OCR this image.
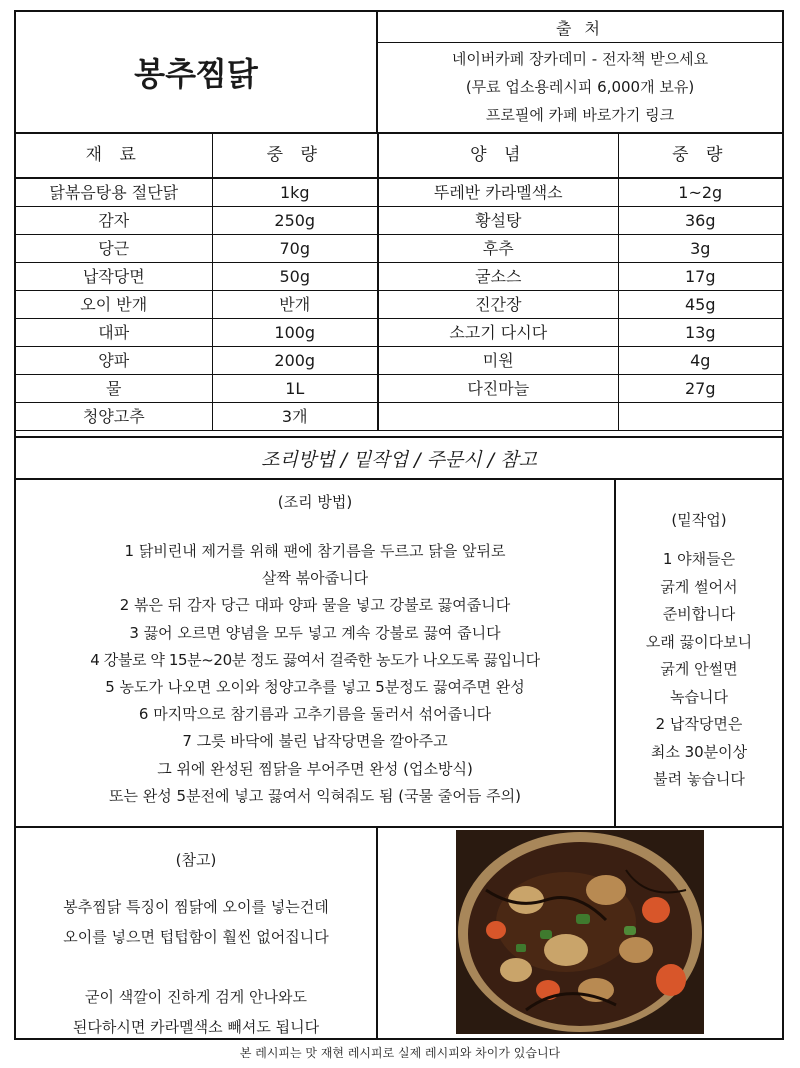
봉추찜닭
출 처
네이버카페 장카데미 - 전자책 받으세요
(무료 업소용레시피 6,000개 보유)
프로필에 카페 바로가기 링크
재 료	중 량	양 념	중 량
닭볶음탕용 절단닭	1kg	뚜레반 카라멜색소	1~2g
감자	250g	황설탕	36g
당근	70g	후추	3g
납작당면	50g	굴소스	17g
오이 반개	반개	진간장	45g
대파	100g	소고기 다시다	13g
양파	200g	미원	4g
물	1L	다진마늘	27g
청양고추	3개		
조리방법 / 밑작업 / 주문시 / 참고
(조리 방법)
1 닭비린내 제거를 위해 팬에 참기름을 두르고 닭을 앞뒤로
살짝 볶아줍니다
2 볶은 뒤 감자 당근 대파 양파 물을 넣고 강불로 끓여줍니다
3 끓어 오르면 양념을 모두 넣고 계속 강불로 끓여 줍니다
4 강불로 약 15분~20분 정도 끓여서 걸죽한 농도가 나오도록 끓입니다
5 농도가 나오면 오이와 청양고추를 넣고 5분정도 끓여주면 완성
6 마지막으로 참기름과 고추기름을 둘러서 섞어줍니다
7 그릇 바닥에 불린 납작당면을 깔아주고
그 위에 완성된 찜닭을 부어주면 완성 (업소방식)
또는 완성 5분전에 넣고 끓여서 익혀줘도 됨 (국물 줄어듬 주의)
(밑작업)
1 야채들은
굵게 썰어서
준비합니다
오래 끓이다보니
굵게 안썰면
녹습니다
2 납작당면은
최소 30분이상
불려 놓습니다
(참고)
봉추찜닭 특징이 찜닭에 오이를 넣는건데
오이를 넣으면 텁텁함이 훨씬 없어집니다

굳이 색깔이 진하게 검게 안나와도
된다하시면 카라멜색소 빼셔도 됩니다
본 레시피는 맛 재현 레시피로 실제 레시피와 차이가 있습니다
